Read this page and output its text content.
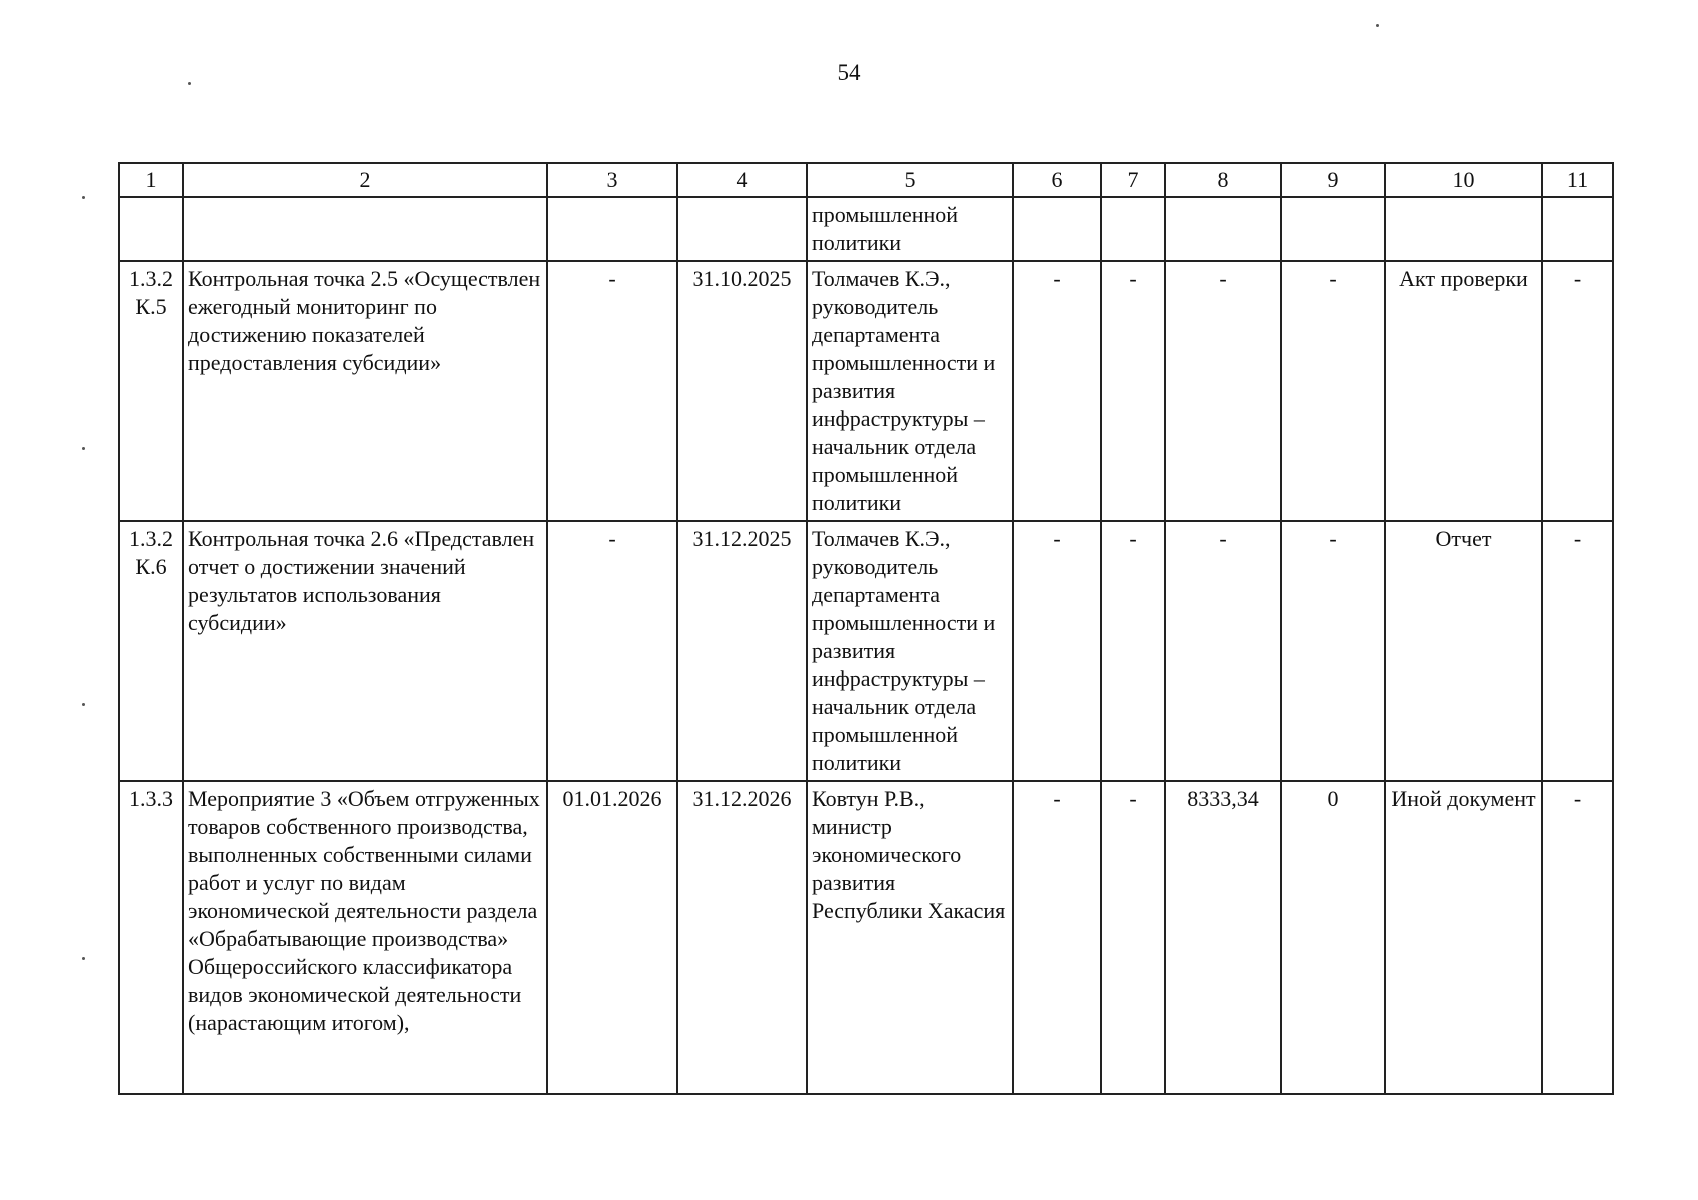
54
1	2	3	4	5	6	7	8	9	10	11
				промышленной политики						
1.3.2 К.5	Контрольная точка 2.5 «Осуществлен ежегодный мониторинг по достижению показателей предоставления субсидии»	-	31.10.2025	Толмачев К.Э., руководитель департамента промышленности и развития инфраструктуры – начальник отдела промышленной политики	-	-	-	-	Акт проверки	-
1.3.2 К.6	Контрольная точка 2.6 «Представлен отчет о достижении значений результатов использования субсидии»	-	31.12.2025	Толмачев К.Э., руководитель департамента промышленности и развития инфраструктуры – начальник отдела промышленной политики	-	-	-	-	Отчет	-
1.3.3	Мероприятие 3 «Объем отгруженных товаров собственного производства, выполненных собственными силами работ и услуг по видам экономической деятельности раздела «Обрабатывающие производства» Общероссийского классификатора видов экономической деятельности (нарастающим итогом),	01.01.2026	31.12.2026	Ковтун Р.В., министр экономического развития Республики Хакасия	-	-	8333,34	0	Иной документ	-
